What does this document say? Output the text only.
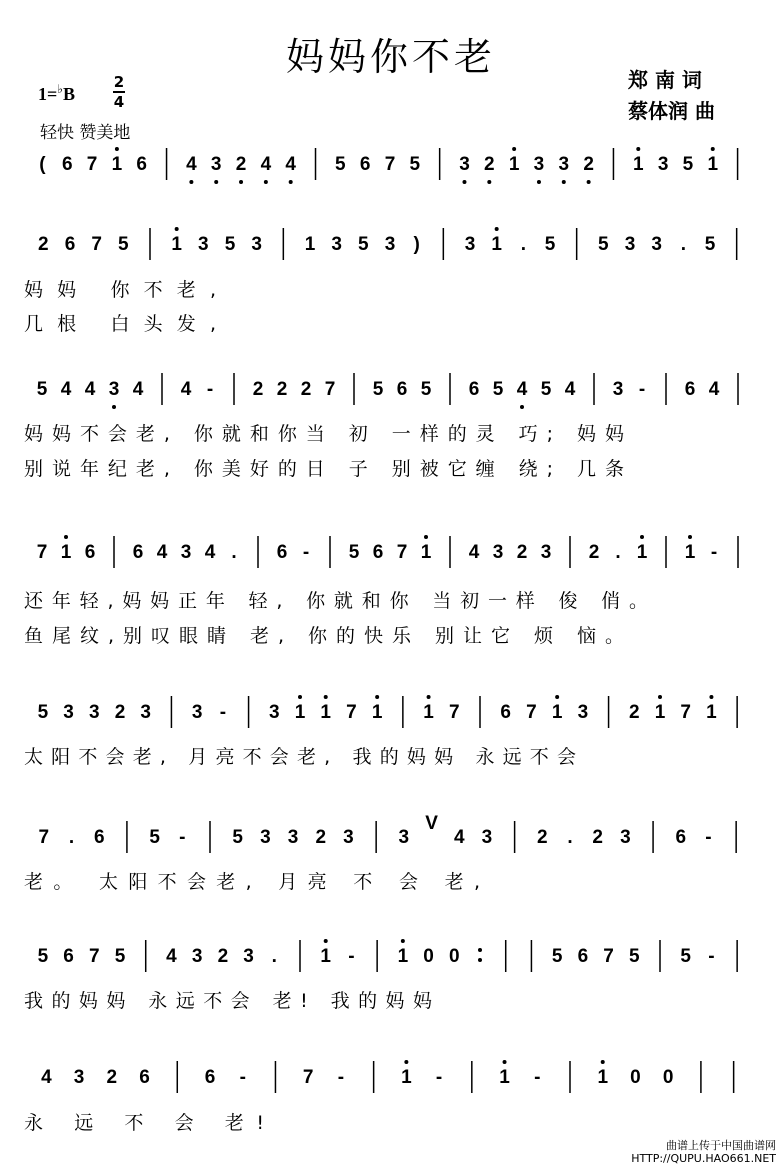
妈妈你不老
1=♭B
2
4
轻快 赞美地
郑 南 词
蔡体润 曲
( 6 7 1 6 4 3 2 4 4 5 6 7 5 3 2 1 3 3 2 1 3 5 1
2 6 7 5 1 3 5 3 1 3 5 3 ) 3 1 . 5 5 3 3 . 5
妈妈 你不老,
几根 白头发,
5 4 4 3 4 4 - 2 2 2 7 5 6 5 6 5 4 5 4 3 - 6 4
妈妈不会老, 你就和你当 初 一样的灵 巧; 妈妈
别说年纪老, 你美好的日 子 别被它缠 绕; 几条
7 1 6 6 4 3 4 . 6 - 5 6 7 1 4 3 2 3 2 . 1 1 -
还年轻,妈妈正年 轻, 你就和你 当初一样 俊 俏。
鱼尾纹,别叹眼睛 老, 你的快乐 别让它 烦 恼。
5 3 3 2 3 3 - 3 1 1 7 1 1 7 6 7 1 3 2 1 7 1
太阳不会老, 月亮不会老, 我的妈妈 永远不会
7 . 6 5 - 5 3 3 2 3 3
V
4 3 2 . 2 3 6 -
老。 太阳不会老, 月亮 不 会 老,
5 6 7 5 4 3 2 3 . 1 - 1 0 0	5 6 7 5 5 -
我的妈妈 永远不会 老! 我的妈妈
4 3 2 6	6 -	7 -	1 -	1 -	1 0 0
永 远 不 会 老!
曲谱上传于中国曲谱网
HTTP://QUPU.HAO661.NET
